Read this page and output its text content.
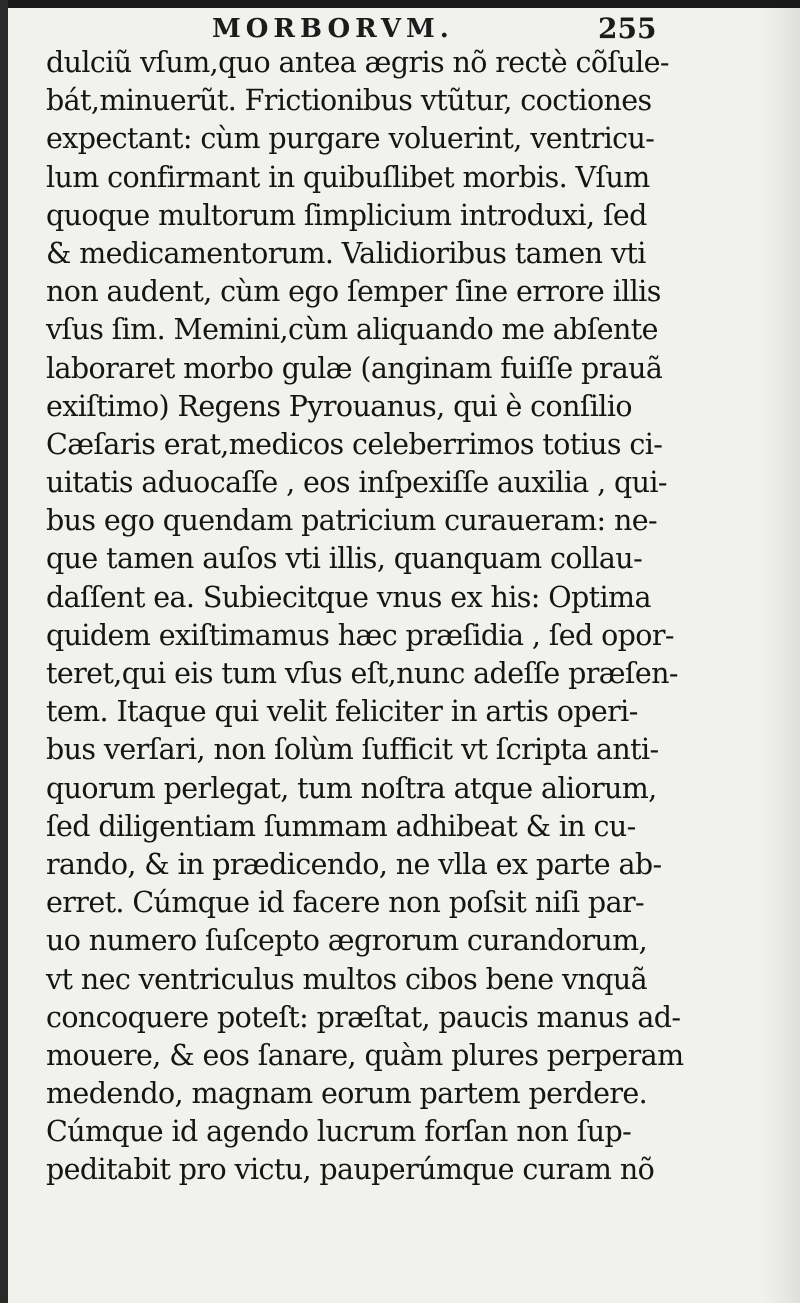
MORBORVM.	255
dulciũ vſum,quo antea ægris nõ rectè cõſule-
bát,minuerũt. Frictionibus vtũtur, coctiones
expectant: cùm purgare voluerint, ventricu-
lum confirmant in quibuſlibet morbis. Vſum
quoque multorum ſimplicium introduxi, ſed
& medicamentorum. Validioribus tamen vti
non audent, cùm ego ſemper ſine errore illis
vſus ſim. Memini,cùm aliquando me abſente
laboraret morbo gulæ (anginam fuiſſe prauã
exiſtimo) Regens Pyrouanus, qui è conſilio
Cæſaris erat,medicos celeberrimos totius ci-
uitatis aduocaſſe , eos inſpexiſſe auxilia , qui-
bus ego quendam patricium curaueram: ne-
que tamen auſos vti illis, quanquam collau-
daſſent ea. Subiecitque vnus ex his: Optima
quidem exiſtimamus hæc præſidia , ſed opor-
teret,qui eis tum vſus eſt,nunc adeſſe præſen-
tem. Itaque qui velit feliciter in artis operi-
bus verſari, non ſolùm ſufficit vt ſcripta anti-
quorum perlegat, tum noſtra atque aliorum,
ſed diligentiam ſummam adhibeat & in cu-
rando, & in prædicendo, ne vlla ex parte ab-
erret. Cúmque id facere non poſsit niſi par-
uo numero ſuſcepto ægrorum curandorum,
vt nec ventriculus multos cibos bene vnquã
concoquere poteſt: præſtat, paucis manus ad-
mouere, & eos ſanare, quàm plures perperam
medendo, magnam eorum partem perdere.
Cúmque id agendo lucrum forſan non ſup-
peditabit pro victu, pauperúmque curam nõ
